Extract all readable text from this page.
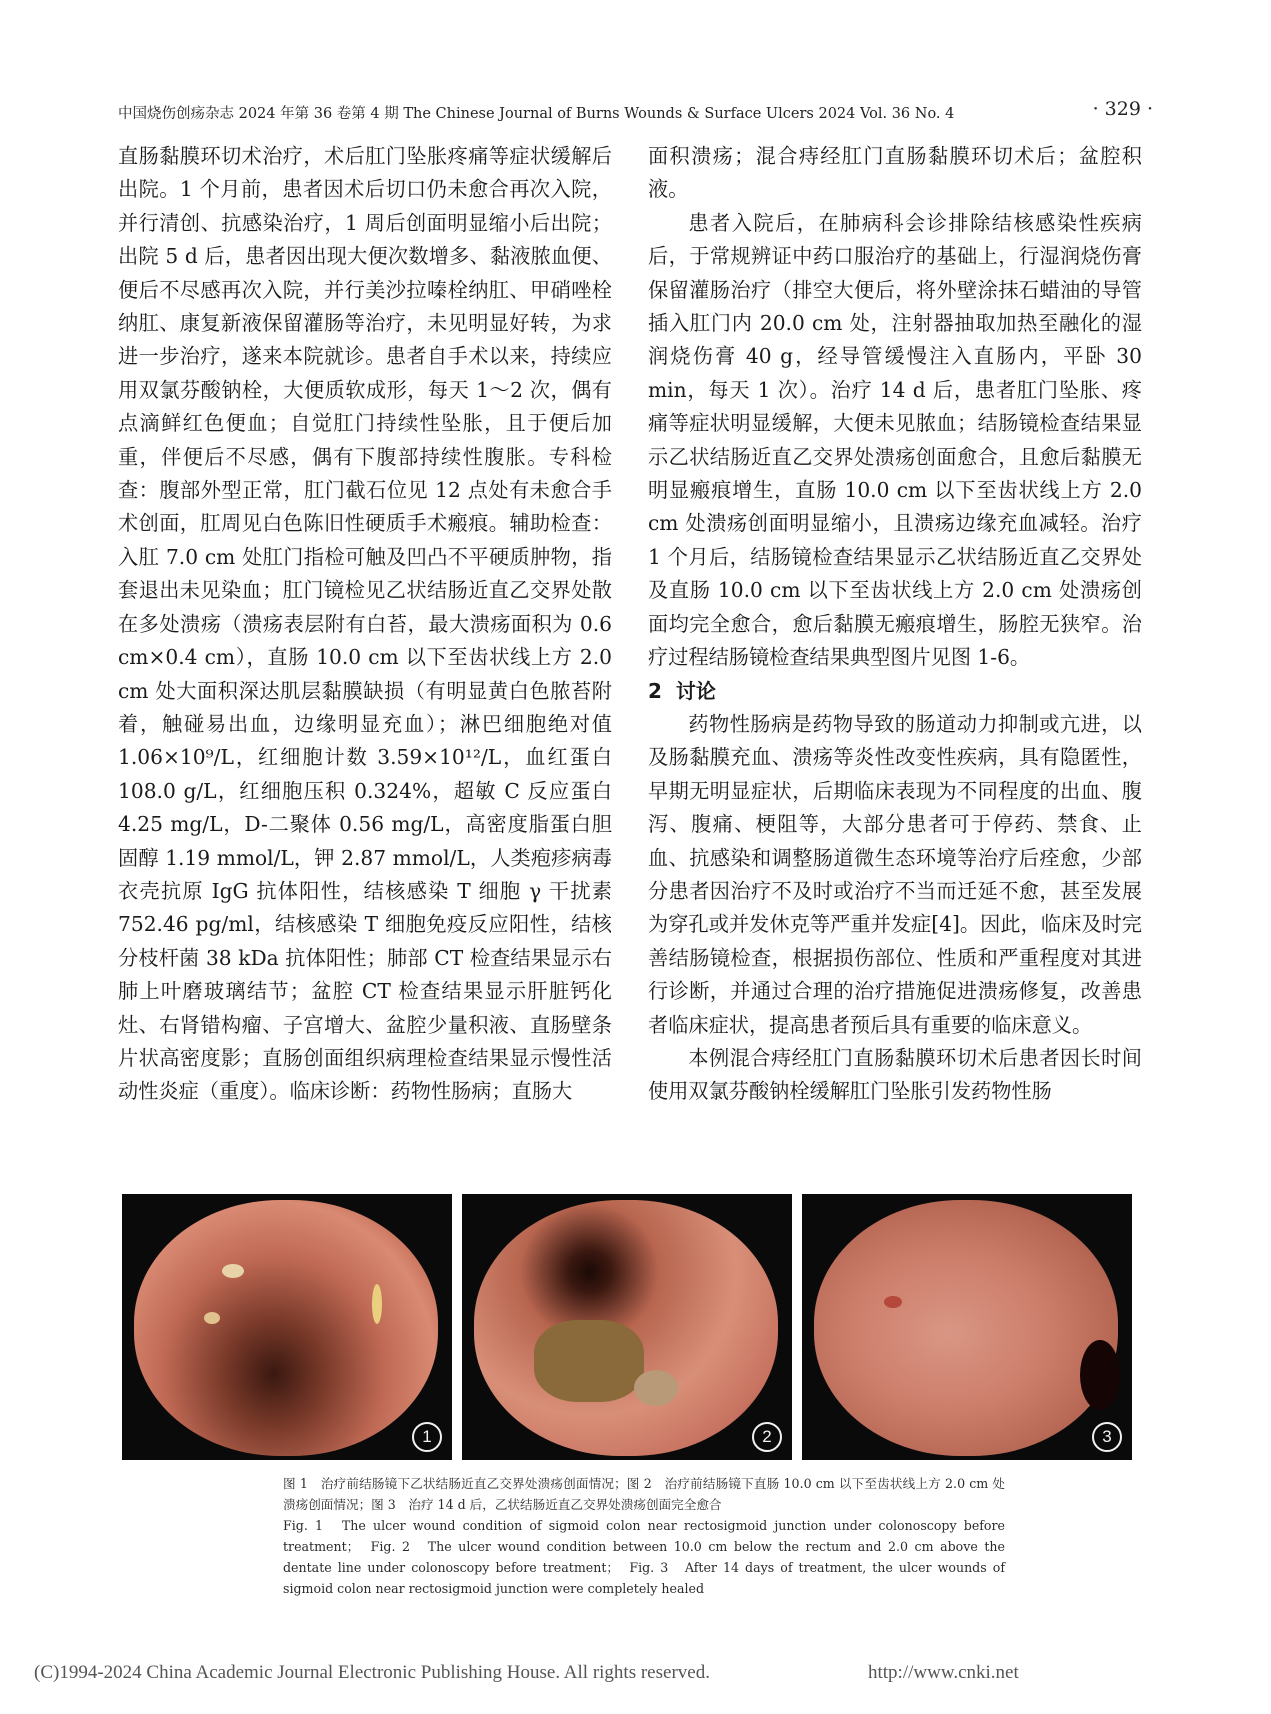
中国烧伤创疡杂志 2024 年第 36 卷第 4 期 The Chinese Journal of Burns Wounds & Surface Ulcers 2024 Vol. 36 No. 4	· 329 ·

直肠黏膜环切术治疗，术后肛门坠胀疼痛等症状缓解后出院。1 个月前，患者因术后切口仍未愈合再次入院，并行清创、抗感染治疗，1 周后创面明显缩小后出院；出院 5 d 后，患者因出现大便次数增多、黏液脓血便、便后不尽感再次入院，并行美沙拉嗪栓纳肛、甲硝唑栓纳肛、康复新液保留灌肠等治疗，未见明显好转，为求进一步治疗，遂来本院就诊。患者自手术以来，持续应用双氯芬酸钠栓，大便质软成形，每天 1～2 次，偶有点滴鲜红色便血；自觉肛门持续性坠胀，且于便后加重，伴便后不尽感，偶有下腹部持续性腹胀。专科检查：腹部外型正常，肛门截石位见 12 点处有未愈合手术创面，肛周见白色陈旧性硬质手术瘢痕。辅助检查：入肛 7.0 cm 处肛门指检可触及凹凸不平硬质肿物，指套退出未见染血；肛门镜检见乙状结肠近直乙交界处散在多处溃疡（溃疡表层附有白苔，最大溃疡面积为 0.6 cm×0.4 cm），直肠 10.0 cm 以下至齿状线上方 2.0 cm 处大面积深达肌层黏膜缺损（有明显黄白色脓苔附着，触碰易出血，边缘明显充血）；淋巴细胞绝对值 1.06×10⁹/L，红细胞计数 3.59×10¹²/L，血红蛋白 108.0 g/L，红细胞压积 0.324%，超敏 C 反应蛋白 4.25 mg/L，D-二聚体 0.56 mg/L，高密度脂蛋白胆固醇 1.19 mmol/L，钾 2.87 mmol/L，人类疱疹病毒衣壳抗原 IgG 抗体阳性，结核感染 T 细胞 γ 干扰素 752.46 pg/ml，结核感染 T 细胞免疫反应阳性，结核分枝杆菌 38 kDa 抗体阳性；肺部 CT 检查结果显示右肺上叶磨玻璃结节；盆腔 CT 检查结果显示肝脏钙化灶、右肾错构瘤、子宫增大、盆腔少量积液、直肠壁条片状高密度影；直肠创面组织病理检查结果显示慢性活动性炎症（重度）。临床诊断：药物性肠病；直肠大

面积溃疡；混合痔经肛门直肠黏膜环切术后；盆腔积液。

患者入院后，在肺病科会诊排除结核感染性疾病后，于常规辨证中药口服治疗的基础上，行湿润烧伤膏保留灌肠治疗（排空大便后，将外壁涂抹石蜡油的导管插入肛门内 20.0 cm 处，注射器抽取加热至融化的湿润烧伤膏 40 g，经导管缓慢注入直肠内，平卧 30 min，每天 1 次）。治疗 14 d 后，患者肛门坠胀、疼痛等症状明显缓解，大便未见脓血；结肠镜检查结果显示乙状结肠近直乙交界处溃疡创面愈合，且愈后黏膜无明显瘢痕增生，直肠 10.0 cm 以下至齿状线上方 2.0 cm 处溃疡创面明显缩小，且溃疡边缘充血减轻。治疗 1 个月后，结肠镜检查结果显示乙状结肠近直乙交界处及直肠 10.0 cm 以下至齿状线上方 2.0 cm 处溃疡创面均完全愈合，愈后黏膜无瘢痕增生，肠腔无狭窄。治疗过程结肠镜检查结果典型图片见图 1-6。

2 讨论

药物性肠病是药物导致的肠道动力抑制或亢进，以及肠黏膜充血、溃疡等炎性改变性疾病，具有隐匿性，早期无明显症状，后期临床表现为不同程度的出血、腹泻、腹痛、梗阻等，大部分患者可于停药、禁食、止血、抗感染和调整肠道微生态环境等治疗后痊愈，少部分患者因治疗不及时或治疗不当而迁延不愈，甚至发展为穿孔或并发休克等严重并发症[4]。因此，临床及时完善结肠镜检查，根据损伤部位、性质和严重程度对其进行诊断，并通过合理的治疗措施促进溃疡修复，改善患者临床症状，提高患者预后具有重要的临床意义。

本例混合痔经肛门直肠黏膜环切术后患者因长时间使用双氯芬酸钠栓缓解肛门坠胀引发药物性肠

1	2	3

图 1　治疗前结肠镜下乙状结肠近直乙交界处溃疡创面情况；图 2　治疗前结肠镜下直肠 10.0 cm 以下至齿状线上方 2.0 cm 处溃疡创面情况；图 3　治疗 14 d 后，乙状结肠近直乙交界处溃疡创面完全愈合

Fig. 1　The ulcer wound condition of sigmoid colon near rectosigmoid junction under colonoscopy before treatment；　Fig. 2　The ulcer wound condition between 10.0 cm below the rectum and 2.0 cm above the dentate line under colonoscopy before treatment；　Fig. 3　After 14 days of treatment, the ulcer wounds of sigmoid colon near rectosigmoid junction were completely healed

(C)1994-2024 China Academic Journal Electronic Publishing House. All rights reserved.	http://www.cnki.net
